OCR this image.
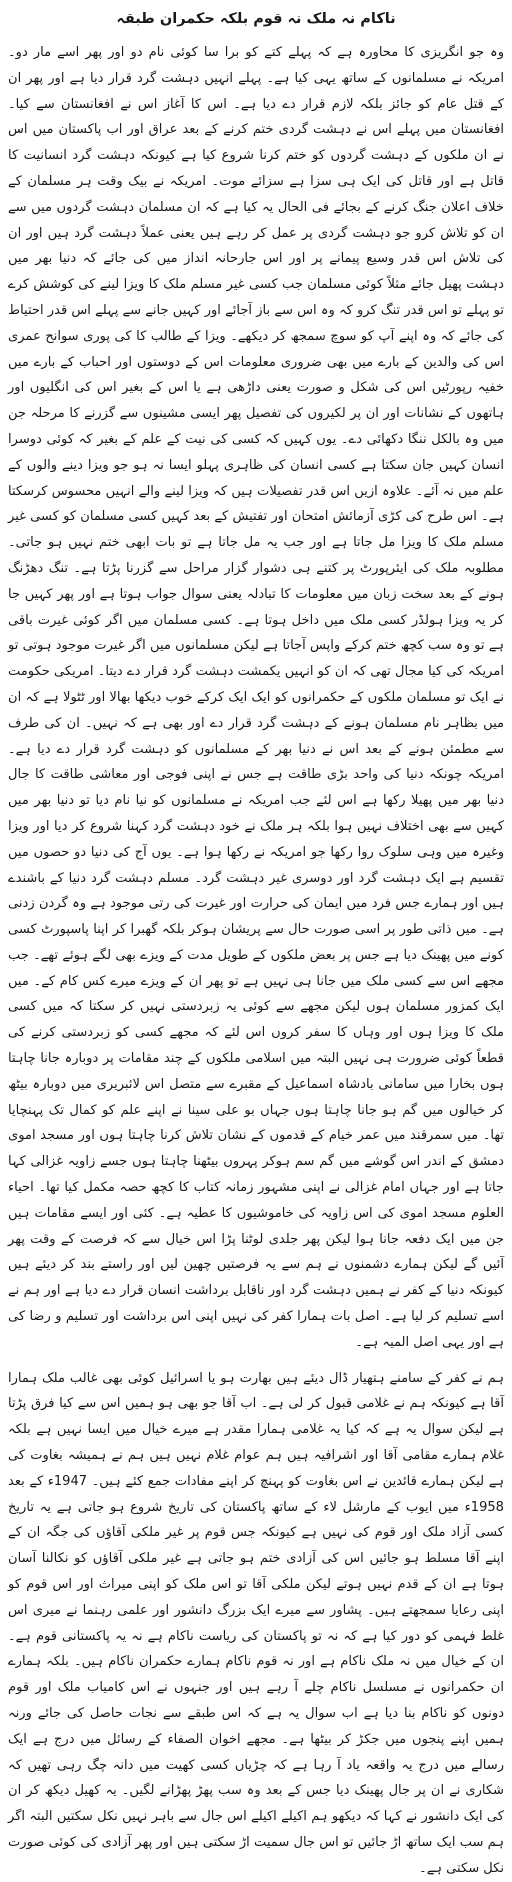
ناکام نہ ملک نہ قوم بلکہ حکمران طبقہ

وہ جو انگریزی کا محاورہ ہے کہ پہلے کتے کو برا سا کوئی نام دو اور پھر اسے مار دو۔ امریکہ نے مسلمانوں کے ساتھ یہی کیا ہے۔ پہلے انہیں دہشت گرد قرار دیا ہے اور پھر ان کے قتل عام کو جائز بلکہ لازم قرار دے دیا ہے۔ اس کا آغاز اس نے افغانستان سے کیا۔ افغانستان میں پہلے اس نے دہشت گردی ختم کرنے کے بعد عراق اور اب پاکستان میں اس نے ان ملکوں کے دہشت گردوں کو ختم کرنا شروع کیا ہے کیونکہ دہشت گرد انسانیت کا قاتل ہے اور قاتل کی ایک ہی سزا ہے سزائے موت۔ امریکہ نے بیک وقت ہر مسلمان کے خلاف اعلان جنگ کرنے کے بجائے فی الحال یہ کیا ہے کہ ان مسلمان دہشت گردوں میں سے ان کو تلاش کرو جو دہشت گردی پر عمل کر رہے ہیں یعنی عملاً دہشت گرد ہیں اور ان کی تلاش اس قدر وسیع پیمانے پر اور اس جارحانہ انداز میں کی جائے کہ دنیا بھر میں دہشت پھیل جائے مثلاً کوئی مسلمان جب کسی غیر مسلم ملک کا ویزا لینے کی کوشش کرے تو پہلے تو اس قدر تنگ کرو کہ وہ اس سے باز آجائے اور کہیں جانے سے پہلے اس قدر احتیاط کی جائے کہ وہ اپنے آپ کو سوچ سمجھ کر دیکھے۔ ویزا کے طالب کا کی پوری سوانح عمری اس کی والدین کے بارے میں بھی ضروری معلومات اس کے دوستوں اور احباب کے بارے میں خفیہ رپورٹیں اس کی شکل و صورت یعنی داڑھی ہے یا اس کے بغیر اس کی انگلیوں اور ہاتھوں کے نشانات اور ان پر لکیروں کی تفصیل پھر ایسی مشینوں سے گزرنے کا مرحلہ جن میں وہ بالکل ننگا دکھائی دے۔ یوں کہیں کہ کسی کی نیت کے علم کے بغیر کہ کوئی دوسرا انسان کہیں جان سکتا ہے کسی انسان کی ظاہری پہلو ایسا نہ ہو جو ویزا دینے والوں کے علم میں نہ آئے۔ علاوہ ازیں اس قدر تفصیلات ہیں کہ ویزا لینے والے انہیں محسوس کرسکتا ہے۔ اس طرح کی کڑی آزمائش امتحان اور تفتیش کے بعد کہیں کسی مسلمان کو کسی غیر مسلم ملک کا ویزا مل جاتا ہے اور جب یہ مل جاتا ہے تو بات ابھی ختم نہیں ہو جاتی۔ مطلوبہ ملک کی ایئرپورٹ پر کتنے ہی دشوار گزار مراحل سے گزرنا پڑتا ہے۔ تنگ دھڑنگ ہونے کے بعد سخت زبان میں معلومات کا تبادلہ یعنی سوال جواب ہوتا ہے اور پھر کہیں جا کر یہ ویزا ہولڈر کسی ملک میں داخل ہوتا ہے۔ کسی مسلمان میں اگر کوئی غیرت باقی ہے تو وہ سب کچھ ختم کرکے واپس آجاتا ہے لیکن مسلمانوں میں اگر غیرت موجود ہوتی تو امریکہ کی کیا مجال تھی کہ ان کو انہیں یکمشت دہشت گرد قرار دے دیتا۔ امریکی حکومت نے ایک تو مسلمان ملکوں کے حکمرانوں کو ایک ایک کرکے خوب دیکھا بھالا اور ٹٹولا ہے کہ ان میں بظاہر نام مسلمان ہونے کے دہشت گرد قرار دے اور بھی ہے کہ نہیں۔ ان کی طرف سے مطمئن ہونے کے بعد اس نے دنیا بھر کے مسلمانوں کو دہشت گرد قرار دے دیا ہے۔ امریکہ چونکہ دنیا کی واحد بڑی طاقت ہے جس نے اپنی فوجی اور معاشی طاقت کا جال دنیا بھر میں پھیلا رکھا ہے اس لئے جب امریکہ نے مسلمانوں کو نیا نام دیا تو دنیا بھر میں کہیں سے بھی اختلاف نہیں ہوا بلکہ ہر ملک نے خود دہشت گرد کہنا شروع کر دیا اور ویزا وغیرہ میں وہی سلوک روا رکھا جو امریکہ نے رکھا ہوا ہے۔ یوں آج کی دنیا دو حصوں میں تقسیم ہے ایک دہشت گرد اور دوسری غیر دہشت گرد۔ مسلم دہشت گرد دنیا کے باشندے ہیں اور ہمارے جس فرد میں ایمان کی حرارت اور غیرت کی رتی موجود ہے وہ گردن زدنی ہے۔ میں ذاتی طور پر اسی صورت حال سے پریشان ہوکر بلکہ گھبرا کر اپنا پاسپورٹ کسی کونے میں پھینک دیا ہے جس پر بعض ملکوں کے طویل مدت کے ویزے بھی لگے ہوئے تھے۔ جب مجھے اس سے کسی ملک میں جانا ہی نہیں ہے تو پھر ان کے ویزے میرے کس کام کے۔ میں ایک کمزور مسلمان ہوں لیکن مجھے سے کوئی یہ زبردستی نہیں کر سکتا کہ میں کسی ملک کا ویزا ہوں اور وہاں کا سفر کروں اس لئے کہ مجھے کسی کو زبردستی کرنے کی قطعاً کوئی ضرورت ہی نہیں البتہ میں اسلامی ملکوں کے چند مقامات پر دوبارہ جانا چاہتا ہوں بخارا میں سامانی بادشاہ اسماعیل کے مقبرے سے متصل اس لائبریری میں دوبارہ بیٹھ کر خیالوں میں گم ہو جانا چاہتا ہوں جہاں بو علی سینا نے اپنے علم کو کمال تک پہنچایا تھا۔ میں سمرقند میں عمر خیام کے قدموں کے نشان تلاش کرنا چاہتا ہوں اور مسجد اموی دمشق کے اندر اس گوشے میں گم سم ہوکر پہروں بیٹھنا چاہتا ہوں جسے زاویہ غزالی کہا جاتا ہے اور جہاں امام غزالی نے اپنی مشہور زمانہ کتاب کا کچھ حصہ مکمل کیا تھا۔ احیاء العلوم مسجد اموی کی اس زاویہ کی خاموشیوں کا عطیہ ہے۔ کئی اور ایسے مقامات ہیں جن میں ایک دفعہ جانا ہوا لیکن پھر جلدی لوٹنا پڑا اس خیال سے کہ فرصت کے وقت پھر آئیں گے لیکن ہمارے دشمنوں نے ہم سے یہ فرصتیں چھین لیں اور راستے بند کر دیئے ہیں کیونکہ دنیا کے کفر نے ہمیں دہشت گرد اور ناقابل برداشت انسان قرار دے دیا ہے اور ہم نے اسے تسلیم کر لیا ہے۔ اصل بات ہمارا کفر کی نہیں اپنی اس برداشت اور تسلیم و رضا کی ہے اور یہی اصل المیہ ہے۔

ہم نے کفر کے سامنے ہتھیار ڈال دیئے ہیں بھارت ہو یا اسرائیل کوئی بھی غالب ملک ہمارا آقا ہے کیونکہ ہم نے غلامی قبول کر لی ہے۔ اب آقا جو بھی ہو ہمیں اس سے کیا فرق پڑتا ہے لیکن سوال یہ ہے کہ کیا یہ غلامی ہمارا مقدر ہے میرے خیال میں ایسا نہیں ہے بلکہ غلام ہمارے مقامی آقا اور اشرافیہ ہیں ہم عوام غلام نہیں ہیں ہم نے ہمیشہ بغاوت کی ہے لیکن ہمارے قائدین نے اس بغاوت کو پہنچ کر اپنے مفادات جمع کئے ہیں۔ 1947ء کے بعد 1958ء میں ایوب کے مارشل لاء کے ساتھ پاکستان کی تاریخ شروع ہو جاتی ہے یہ تاریخ کسی آزاد ملک اور قوم کی نہیں ہے کیونکہ جس قوم پر غیر ملکی آقاؤں کی جگہ ان کے اپنے آقا مسلط ہو جائیں اس کی آزادی ختم ہو جاتی ہے غیر ملکی آقاؤں کو نکالنا آسان ہوتا ہے ان کے قدم نہیں ہوتے لیکن ملکی آقا تو اس ملک کو اپنی میراث اور اس قوم کو اپنی رعایا سمجھتے ہیں۔ پشاور سے میرے ایک بزرگ دانشور اور علمی رہنما نے میری اس غلط فہمی کو دور کیا ہے کہ نہ تو پاکستان کی ریاست ناکام ہے نہ یہ پاکستانی قوم ہے۔ ان کے خیال میں نہ ملک ناکام ہے اور نہ قوم ناکام ہمارے حکمران ناکام ہیں۔ بلکہ ہمارے ان حکمرانوں نے مسلسل ناکام چلے آ رہے ہیں اور جنہوں نے اس کامیاب ملک اور قوم دونوں کو ناکام بنا دیا ہے اب سوال یہ ہے کہ اس طبقے سے نجات حاصل کی جائے ورنہ ہمیں اپنے پنجوں میں جکڑ کر بیٹھا ہے۔ مجھے اخوان الصفاء کے رسائل میں درج ہے ایک رسالے میں درج یہ واقعہ یاد آ رہا ہے کہ چڑیاں کسی کھیت میں دانہ چگ رہی تھیں کہ شکاری نے ان پر جال پھینک دیا جس کے بعد وہ سب پھڑ پھڑانے لگیں۔ یہ کھیل دیکھ کر ان کی ایک دانشور نے کہا کہ دیکھو ہم اکیلے اکیلے اس جال سے باہر نہیں نکل سکتیں البتہ اگر ہم سب ایک ساتھ اڑ جائیں تو اس جال سمیت اڑ سکتی ہیں اور پھر آزادی کی کوئی صورت نکل سکتی ہے۔
